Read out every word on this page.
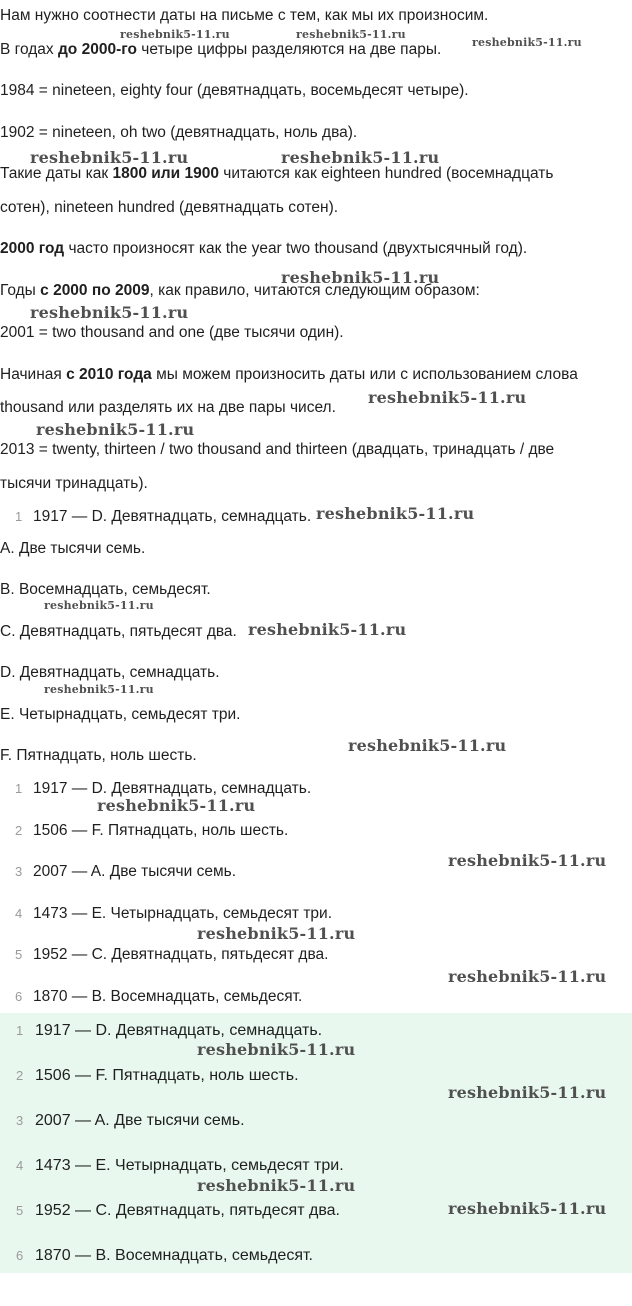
Нам нужно соотнести даты на письме с тем, как мы их произносим.
В годах до 2000-го четыре цифры разделяются на две пары.
1984 = nineteen, eighty four (девятнадцать, восемьдесят четыре).
1902 = nineteen, oh two (девятнадцать, ноль два).
Такие даты как 1800 или 1900 читаются как eighteen hundred (восемнадцать
сотен), nineteen hundred (девятнадцать сотен).
2000 год часто произносят как the year two thousand (двухтысячный год).
Годы с 2000 по 2009, как правило, читаются следующим образом:
2001 = two thousand and one (две тысячи один).
Начиная с 2010 года мы можем произносить даты или с использованием слова
thousand или разделять их на две пары чисел.
2013 = twenty, thirteen / two thousand and thirteen (двадцать, тринадцать / две
тысячи тринадцать).
1 1917 — D. Девятнадцать, семнадцать.
A. Две тысячи семь.
B. Восемнадцать, семьдесят.
C. Девятнадцать, пятьдесят два.
D. Девятнадцать, семнадцать.
E. Четырнадцать, семьдесят три.
F. Пятнадцать, ноль шесть.
1 1917 — D. Девятнадцать, семнадцать.
2 1506 — F. Пятнадцать, ноль шесть.
3 2007 — A. Две тысячи семь.
4 1473 — E. Четырнадцать, семьдесят три.
5 1952 — C. Девятнадцать, пятьдесят два.
6 1870 — B. Восемнадцать, семьдесят.
1 1917 — D. Девятнадцать, семнадцать.
2 1506 — F. Пятнадцать, ноль шесть.
3 2007 — A. Две тысячи семь.
4 1473 — E. Четырнадцать, семьдесят три.
5 1952 — C. Девятнадцать, пятьдесят два.
6 1870 — B. Восемнадцать, семьдесят.
reshebnik5-11.ru	reshebnik5-11.ru
reshebnik5-11.ru
reshebnik5-11.ru	reshebnik5-11.ru
reshebnik5-11.ru
reshebnik5-11.ru
reshebnik5-11.ru
reshebnik5-11.ru
reshebnik5-11.ru
reshebnik5-11.ru
reshebnik5-11.ru
reshebnik5-11.ru
reshebnik5-11.ru
reshebnik5-11.ru
reshebnik5-11.ru
reshebnik5-11.ru
reshebnik5-11.ru
reshebnik5-11.ru
reshebnik5-11.ru
reshebnik5-11.ru
reshebnik5-11.ru
